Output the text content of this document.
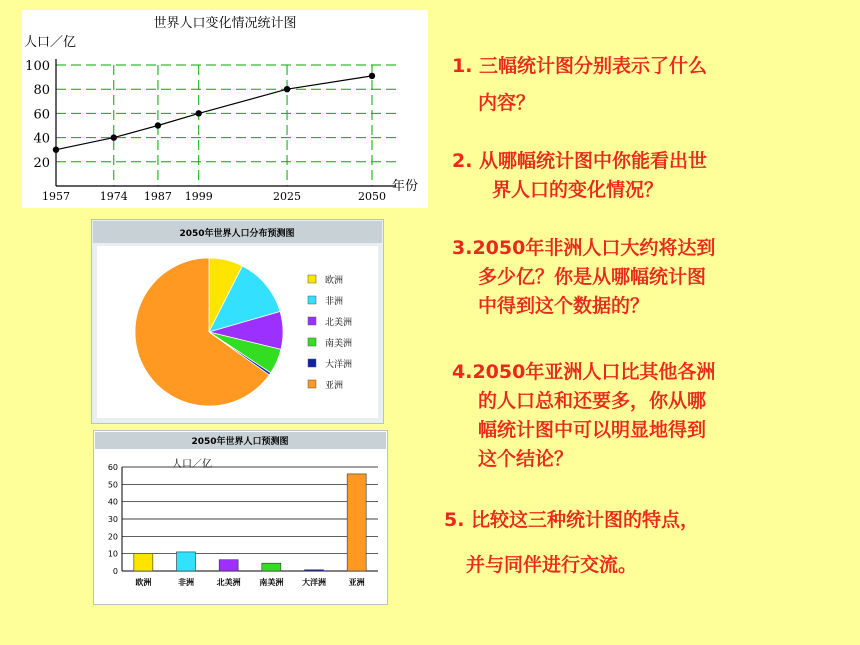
世界人口变化情况统计图
人口／亿
年份
20
40
60
80
100
1957	1974 1987 1999	2025	2050
2050年世界人口分布预测图
欧洲
非洲
北美洲
南美洲
大洋洲
亚洲
2050年世界人口预测图
人口／亿
0
10
20
30
40
50
60
欧洲	非洲	北美洲 南美洲 大洋洲	亚洲
1. 三幅统计图分别表示了什么
内容？
2. 从哪幅统计图中你能看出世
界人口的变化情况？
3.2050年非洲人口大约将达到
多少亿？你是从哪幅统计图
中得到这个数据的？
4.2050年亚洲人口比其他各洲
的人口总和还要多，你从哪
幅统计图中可以明显地得到
这个结论？
5. 比较这三种统计图的特点，
并与同伴进行交流。
